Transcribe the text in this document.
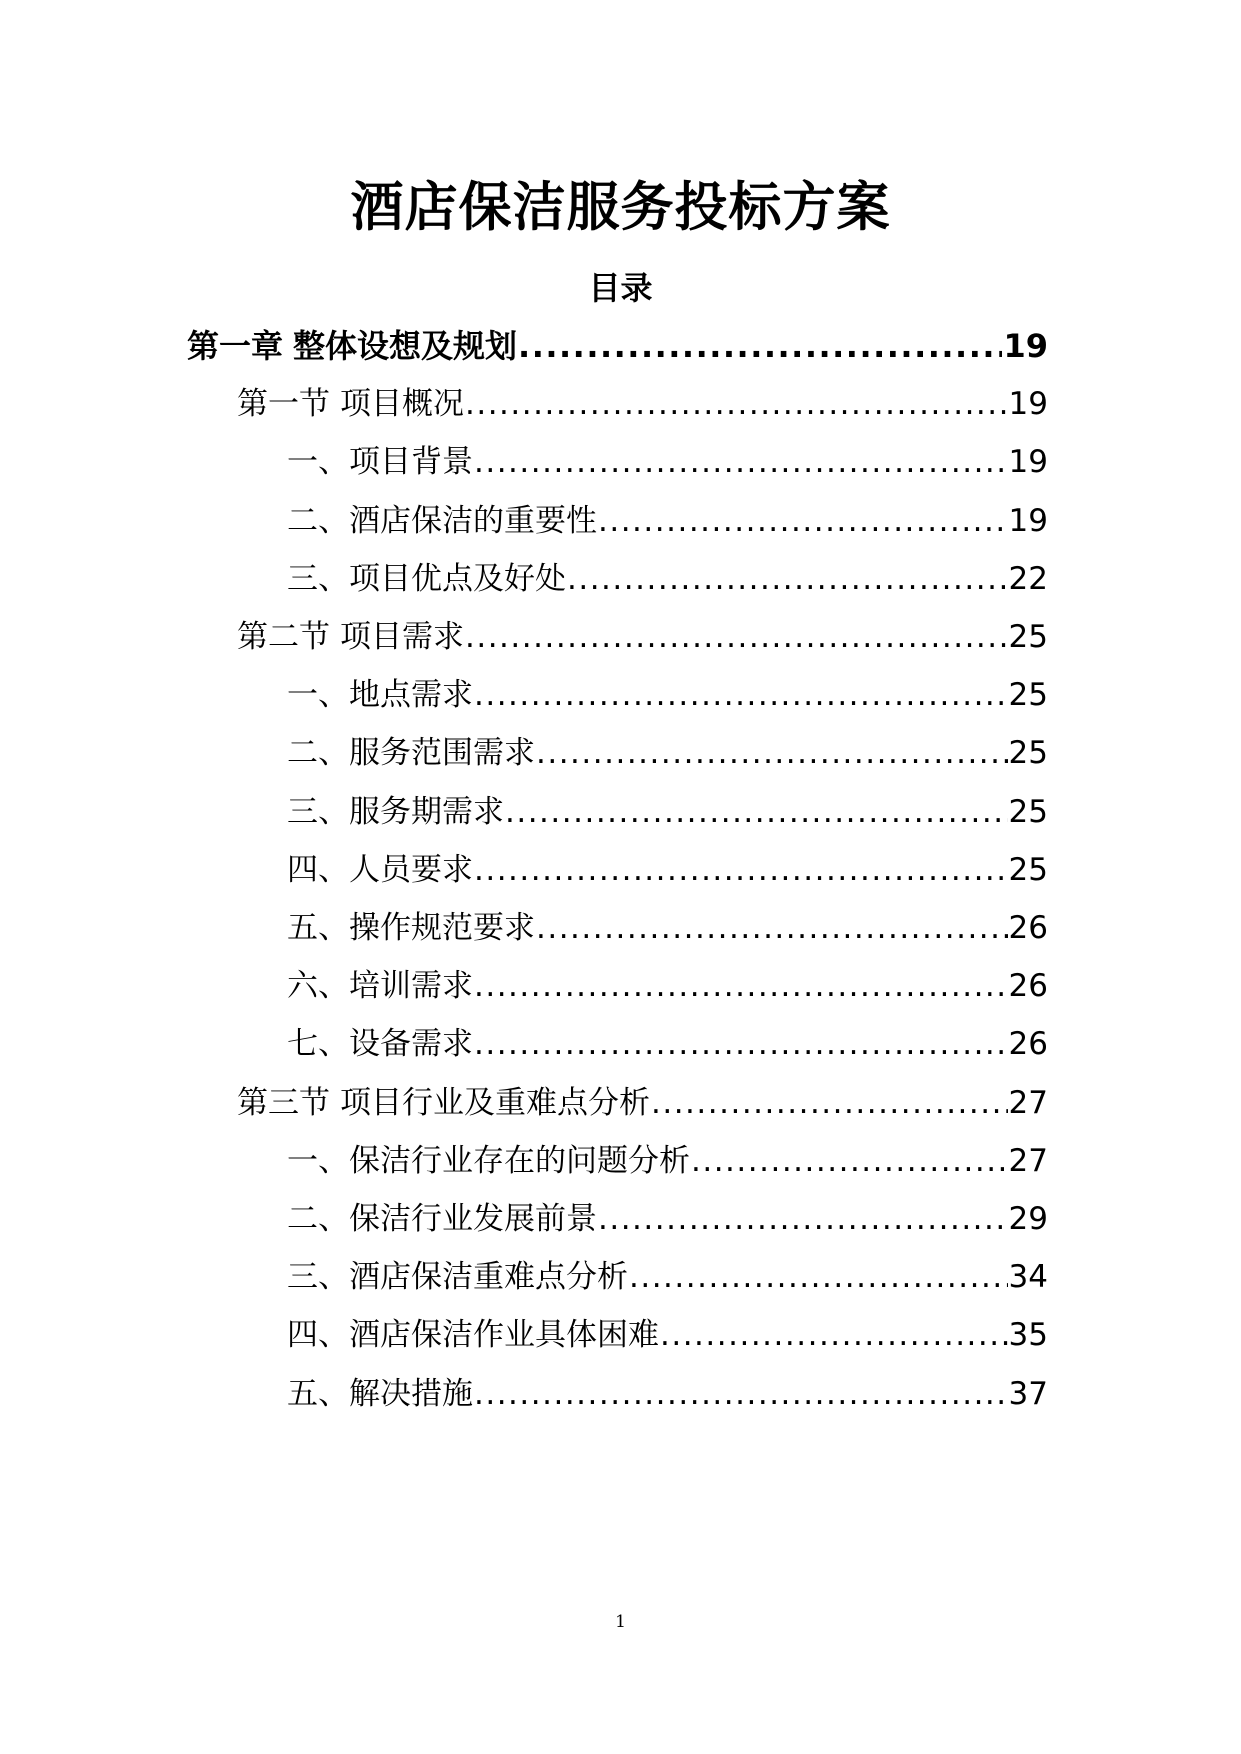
酒店保洁服务投标方案
目录
第一章 整体设想及规划 .....	19
第一节 项目概况 .....	19
一、项目背景 .....	19
二、酒店保洁的重要性 .....	19
三、项目优点及好处 .....	22
第二节 项目需求 .....	25
一、地点需求 .....	25
二、服务范围需求 .....	25
三、服务期需求 .....	25
四、人员要求 .....	25
五、操作规范要求 .....	26
六、培训需求 .....	26
七、设备需求 .....	26
第三节 项目行业及重难点分析 .....	27
一、保洁行业存在的问题分析 .....	27
二、保洁行业发展前景 .....	29
三、酒店保洁重难点分析 .....	34
四、酒店保洁作业具体困难 .....	35
五、解决措施 .....	37
1
